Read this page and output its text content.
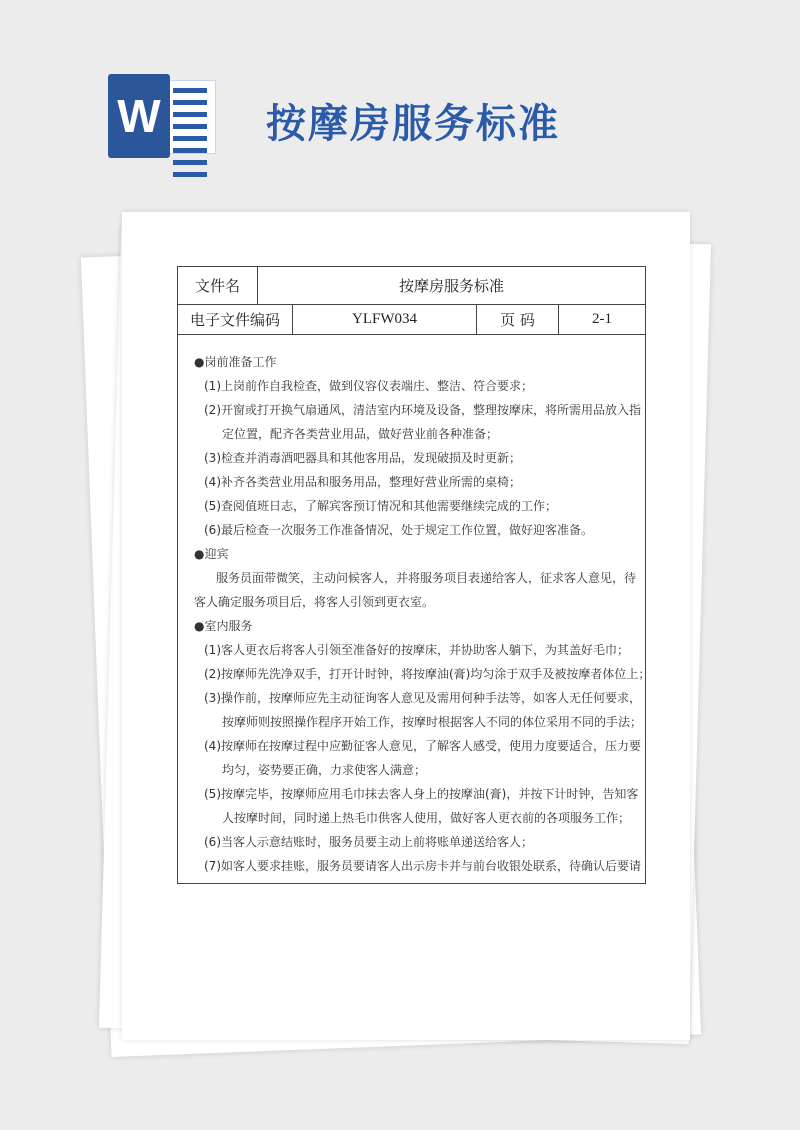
W	按摩房服务标准
文件名	按摩房服务标准
电子文件编码	YLFW034	页 码	2-1

●岗前准备工作

(1)上岗前作自我检查，做到仪容仪表端庄、整洁、符合要求；

(2)开窗或打开换气扇通风，清洁室内环境及设备，整理按摩床，将所需用品放入指

定位置，配齐各类营业用品，做好营业前各种准备；

(3)检查并消毒酒吧器具和其他客用品，发现破损及时更新；

(4)补齐各类营业用品和服务用品，整理好营业所需的桌椅；

(5)查阅值班日志，了解宾客预订情况和其他需要继续完成的工作；

(6)最后检查一次服务工作准备情况，处于规定工作位置，做好迎客准备。

●迎宾

服务员面带微笑，主动问候客人，并将服务项目表递给客人，征求客人意见，待

客人确定服务项目后，将客人引领到更衣室。

●室内服务

(1)客人更衣后将客人引领至准备好的按摩床，并协助客人躺下，为其盖好毛巾；

(2)按摩师先洗净双手，打开计时钟，将按摩油(膏)均匀涂于双手及被按摩者体位上；

(3)操作前，按摩师应先主动征询客人意见及需用何种手法等，如客人无任何要求，

按摩师则按照操作程序开始工作，按摩时根据客人不同的体位采用不同的手法；

(4)按摩师在按摩过程中应勤征客人意见，了解客人感受，使用力度要适合，压力要

均匀，姿势要正确，力求使客人满意；

(5)按摩完毕，按摩师应用毛巾抹去客人身上的按摩油(膏)，并按下计时钟，告知客

人按摩时间，同时递上热毛巾供客人使用，做好客人更衣前的各项服务工作；

(6)当客人示意结账时，服务员要主动上前将账单递送给客人；

(7)如客人要求挂账，服务员要请客人出示房卡并与前台收银处联系，待确认后要请
